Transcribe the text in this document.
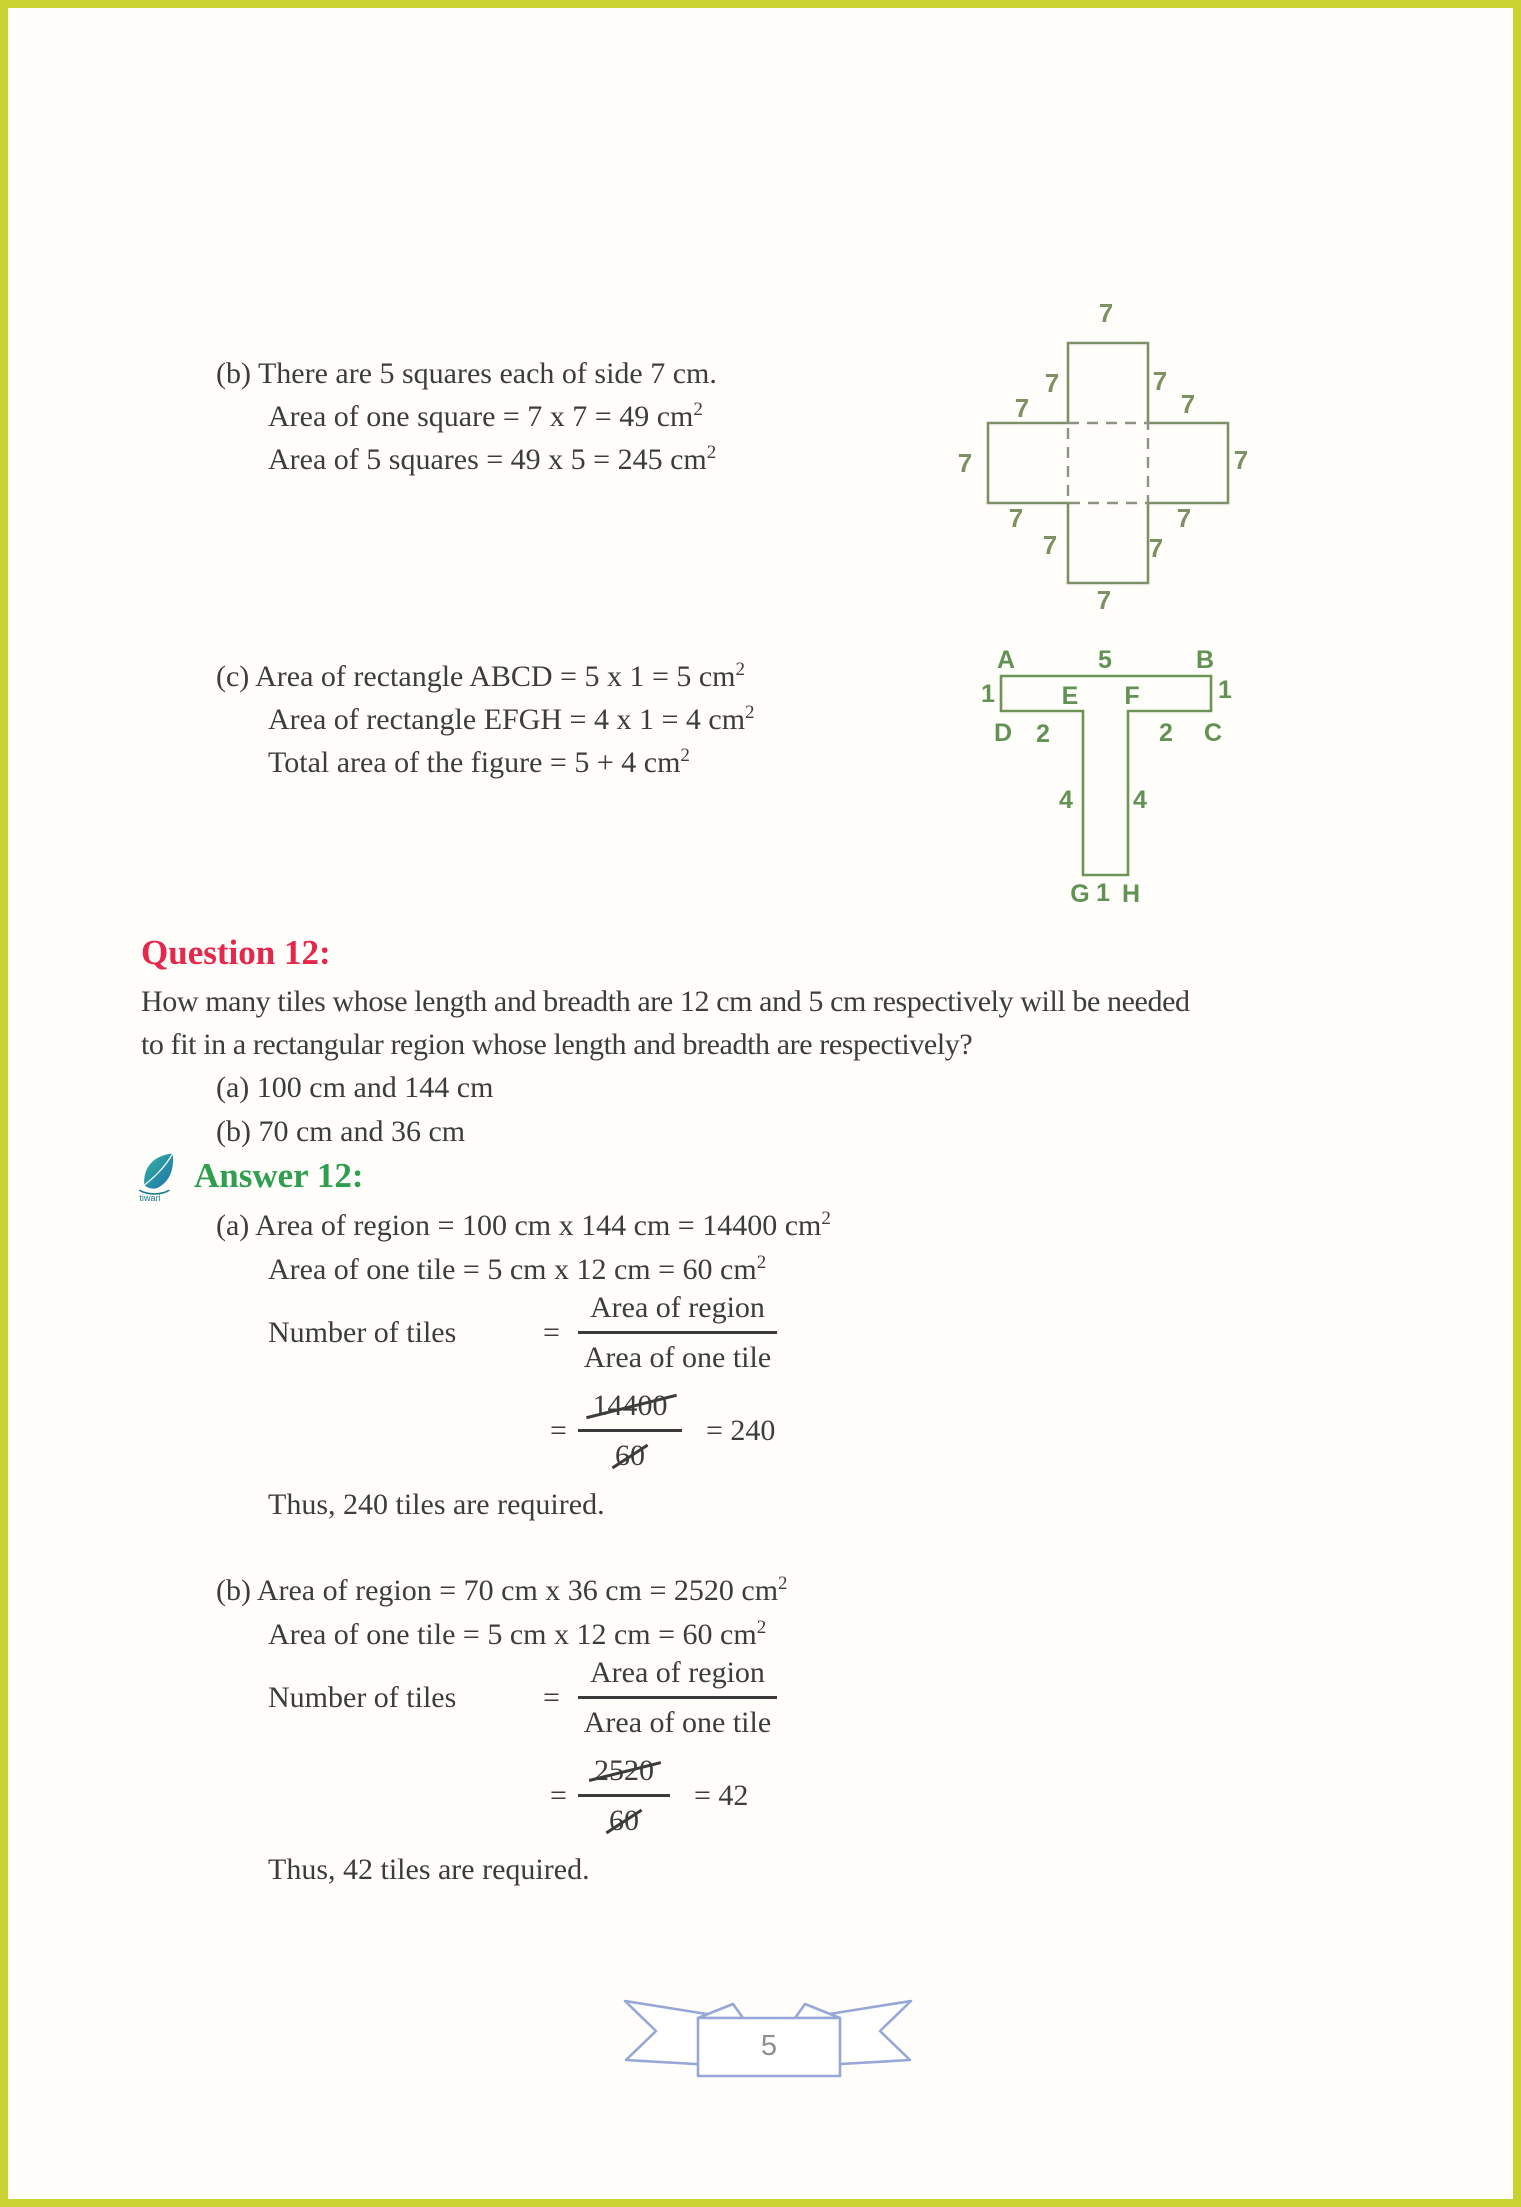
(b) There are 5 squares each of side 7 cm.
Area of one square = 7 x 7 = 49 $cm^2$
Area of 5 squares = 49 x 5 = 245 $cm^2$
7
7	7
7
7
7	7
7	7
7	7
7
(c) Area of rectangle ABCD = 5 x 1 = 5 $cm^2$
Area of rectangle EFGH = 4 x 1 = 4 $cm^2$
Total area of the figure = 5 + 4 $cm^2$
A	5	B
1	E F	1
D 2	2 C
4 4
G 1 H
Question 12:
How many tiles whose length and breadth are 12 cm and 5 cm respectively will be needed
to fit in a rectangular region whose length and breadth are respectively?
(a) 100 cm and 144 cm
(b) 70 cm and 36 cm
tiwari
Answer 12:
(a) Area of region = 100 cm x 144 cm = 14400 $cm^2$
Area of one tile = 5 cm x 12 cm = 60 $cm^2$
Number of tiles	= $\frac{\text{Area of region}}{\text{Area of one tile}}$
= $\frac{14400}{60} = 240$
Thus, 240 tiles are required.
(b) Area of region = 70 cm x 36 cm = 2520 $cm^2$
Area of one tile = 5 cm x 12 cm = 60 $cm^2$
Number of tiles	= $\frac{\text{Area of region}}{\text{Area of one tile}}$
= $\frac{2520}{60} = 42$
Thus, 42 tiles are required.
5
